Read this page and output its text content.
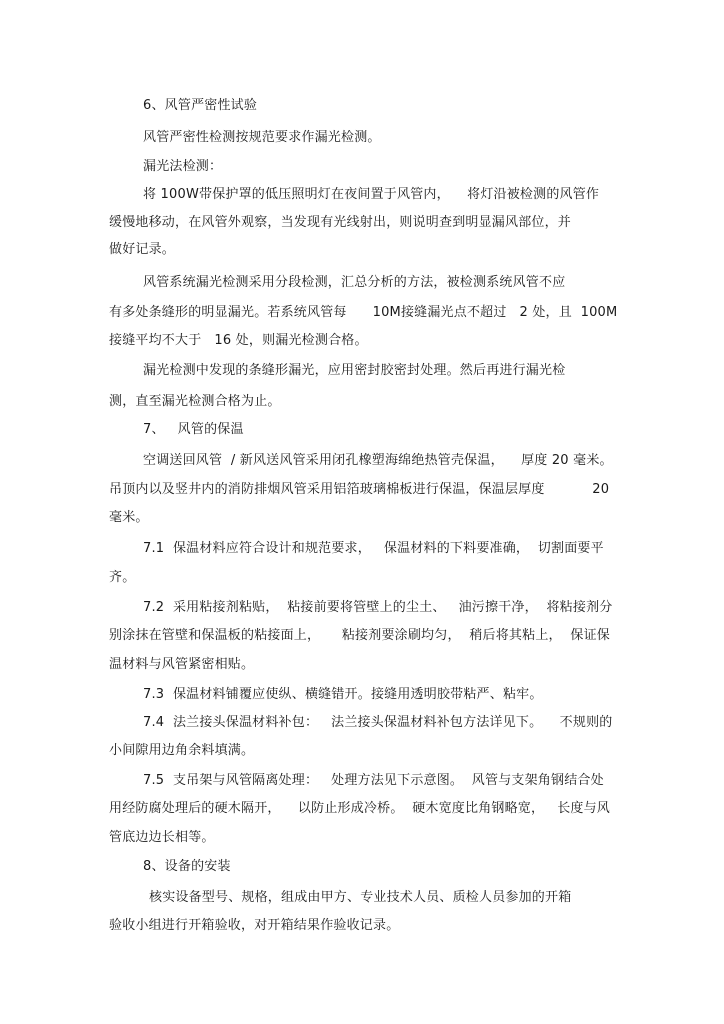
6、风管严密性试验
风管严密性检测按规范要求作漏光检测。
漏光法检测：
将 100W带保护罩的低压照明灯在夜间置于风管内，    将灯沿被检测的风管作
缓慢地移动，在风管外观察，当发现有光线射出，则说明查到明显漏风部位，并
做好记录。
风管系统漏光检测采用分段检测，汇总分析的方法，被检测系统风管不应
有多处条缝形的明显漏光。若系统风管每      10M接缝漏光点不超过   2 处，且  100M
接缝平均不大于   16 处，则漏光检测合格。
漏光检测中发现的条缝形漏光，应用密封胶密封处理。然后再进行漏光检
测，直至漏光检测合格为止。
7、   风管的保温
空调送回风管  / 新风送风管采用闭孔橡塑海绵绝热管壳保温，    厚度 20 毫米。
吊顶内以及竖井内的消防排烟风管采用铝箔玻璃棉板进行保温，保温层厚度           20
毫米。
7.1  保温材料应符合设计和规范要求，   保温材料的下料要准确，  切割面要平
齐。
7.2  采用粘接剂粘贴，  粘接前要将管壁上的尘土、   油污擦干净，  将粘接剂分
别涂抹在管壁和保温板的粘接面上，     粘接剂要涂刷均匀，  稍后将其粘上，  保证保
温材料与风管紧密相贴。
7.3  保温材料铺覆应使纵、横缝错开。接缝用透明胶带粘严、粘牢。
7.4  法兰接头保温材料补包：   法兰接头保温材料补包方法详见下。    不规则的
小间隙用边角余料填满。
7.5  支吊架与风管隔离处理：   处理方法见下示意图。  风管与支架角钢结合处
用经防腐处理后的硬木隔开，    以防止形成冷桥。  硬木宽度比角钢略宽，   长度与风
管底边边长相等。
8、设备的安装
核实设备型号、规格，组成由甲方、专业技术人员、质检人员参加的开箱
验收小组进行开箱验收，对开箱结果作验收记录。
